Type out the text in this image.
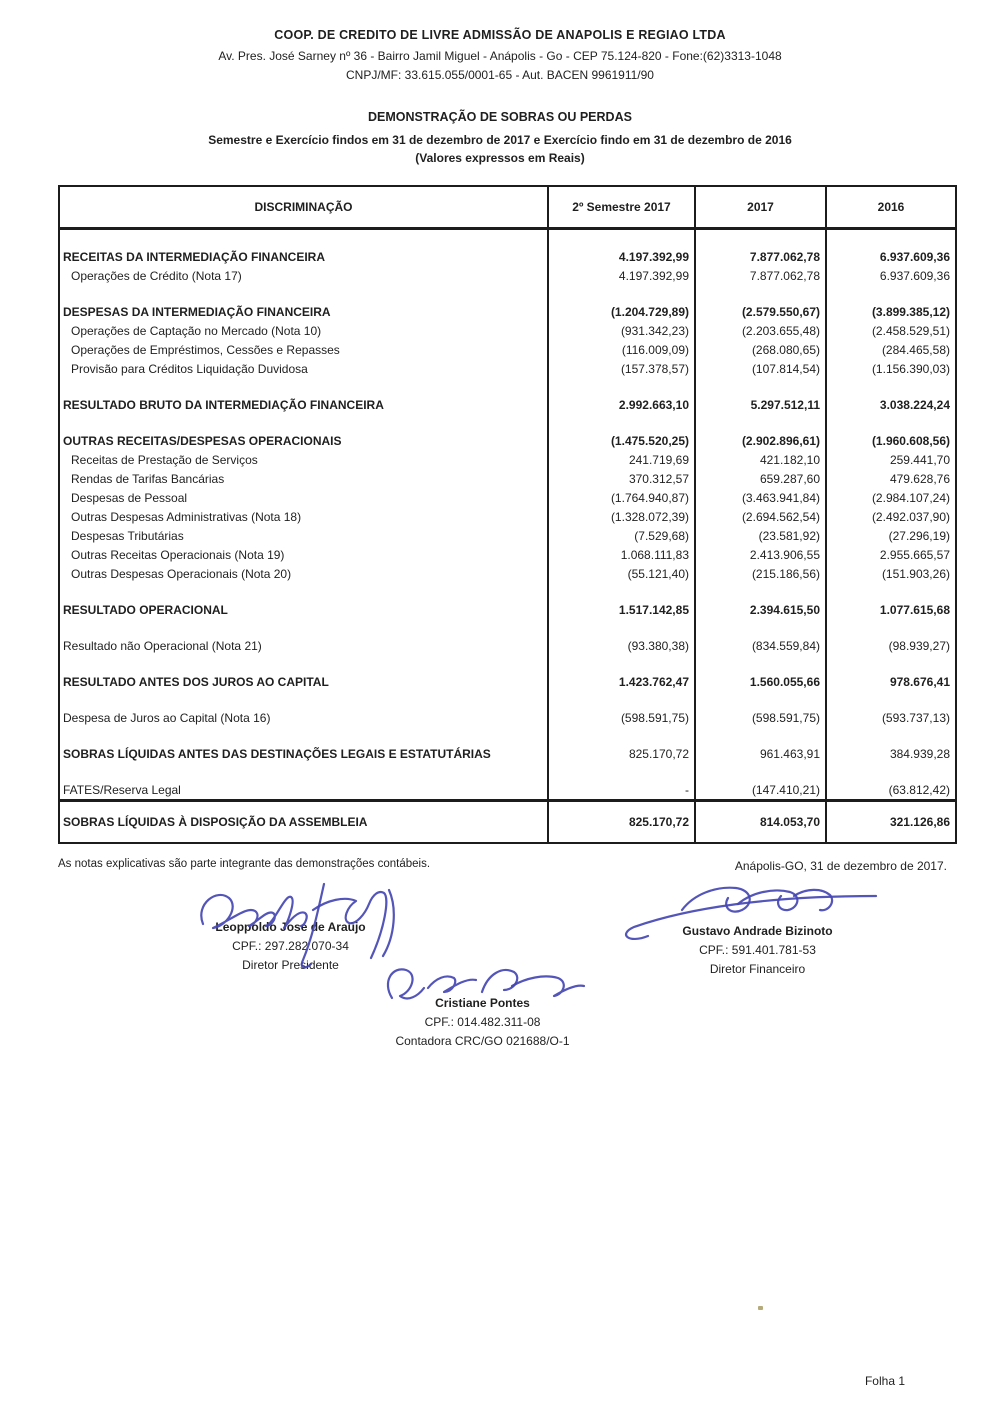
COOP. DE CREDITO DE LIVRE ADMISSÃO DE ANAPOLIS E REGIAO LTDA

Av. Pres. José Sarney nº 36 - Bairro Jamil Miguel - Anápolis - Go - CEP 75.124-820 - Fone:(62)3313-1048

CNPJ/MF: 33.615.055/0001-65 - Aut. BACEN 9961911/90

DEMONSTRAÇÃO DE SOBRAS OU PERDAS

Semestre e Exercício findos em 31 de dezembro de 2017 e Exercício findo em 31 de dezembro de 2016

(Valores expressos em Reais)

DISCRIMINAÇÃO	2º Semestre 2017	2017	2016
RECEITAS DA INTERMEDIAÇÃO FINANCEIRA	4.197.392,99	7.877.062,78	6.937.609,36
Operações de Crédito (Nota 17)	4.197.392,99	7.877.062,78	6.937.609,36
DESPESAS DA INTERMEDIAÇÃO FINANCEIRA	(1.204.729,89)	(2.579.550,67)	(3.899.385,12)
Operações de Captação no Mercado (Nota 10)	(931.342,23)	(2.203.655,48)	(2.458.529,51)
Operações de Empréstimos, Cessões e Repasses	(116.009,09)	(268.080,65)	(284.465,58)
Provisão para Créditos Liquidação Duvidosa	(157.378,57)	(107.814,54)	(1.156.390,03)
RESULTADO BRUTO DA INTERMEDIAÇÃO FINANCEIRA	2.992.663,10	5.297.512,11	3.038.224,24
OUTRAS RECEITAS/DESPESAS OPERACIONAIS	(1.475.520,25)	(2.902.896,61)	(1.960.608,56)
Receitas de Prestação de Serviços	241.719,69	421.182,10	259.441,70
Rendas de Tarifas Bancárias	370.312,57	659.287,60	479.628,76
Despesas de Pessoal	(1.764.940,87)	(3.463.941,84)	(2.984.107,24)
Outras Despesas Administrativas (Nota 18)	(1.328.072,39)	(2.694.562,54)	(2.492.037,90)
Despesas Tributárias	(7.529,68)	(23.581,92)	(27.296,19)
Outras Receitas Operacionais (Nota 19)	1.068.111,83	2.413.906,55	2.955.665,57
Outras Despesas Operacionais (Nota 20)	(55.121,40)	(215.186,56)	(151.903,26)
RESULTADO OPERACIONAL	1.517.142,85	2.394.615,50	1.077.615,68
Resultado não Operacional (Nota 21)	(93.380,38)	(834.559,84)	(98.939,27)
RESULTADO ANTES DOS JUROS AO CAPITAL	1.423.762,47	1.560.055,66	978.676,41
Despesa de Juros ao Capital (Nota 16)	(598.591,75)	(598.591,75)	(593.737,13)
SOBRAS LÍQUIDAS ANTES DAS DESTINAÇÕES LEGAIS E ESTATUTÁRIAS	825.170,72	961.463,91	384.939,28
FATES/Reserva Legal	-	(147.410,21)	(63.812,42)
SOBRAS LÍQUIDAS À DISPOSIÇÃO DA ASSEMBLEIA	825.170,72	814.053,70	321.126,86

As notas explicativas são parte integrante das demonstrações contábeis.	Anápolis-GO, 31 de dezembro de 2017.

Leoppoldo Jose de Araújo
CPF.: 297.282.070-34
Diretor Presidente
Gustavo Andrade Bizinoto
CPF.: 591.401.781-53
Diretor Financeiro
Cristiane Pontes
CPF.: 014.482.311-08
Contadora CRC/GO 021688/O-1

Folha 1
